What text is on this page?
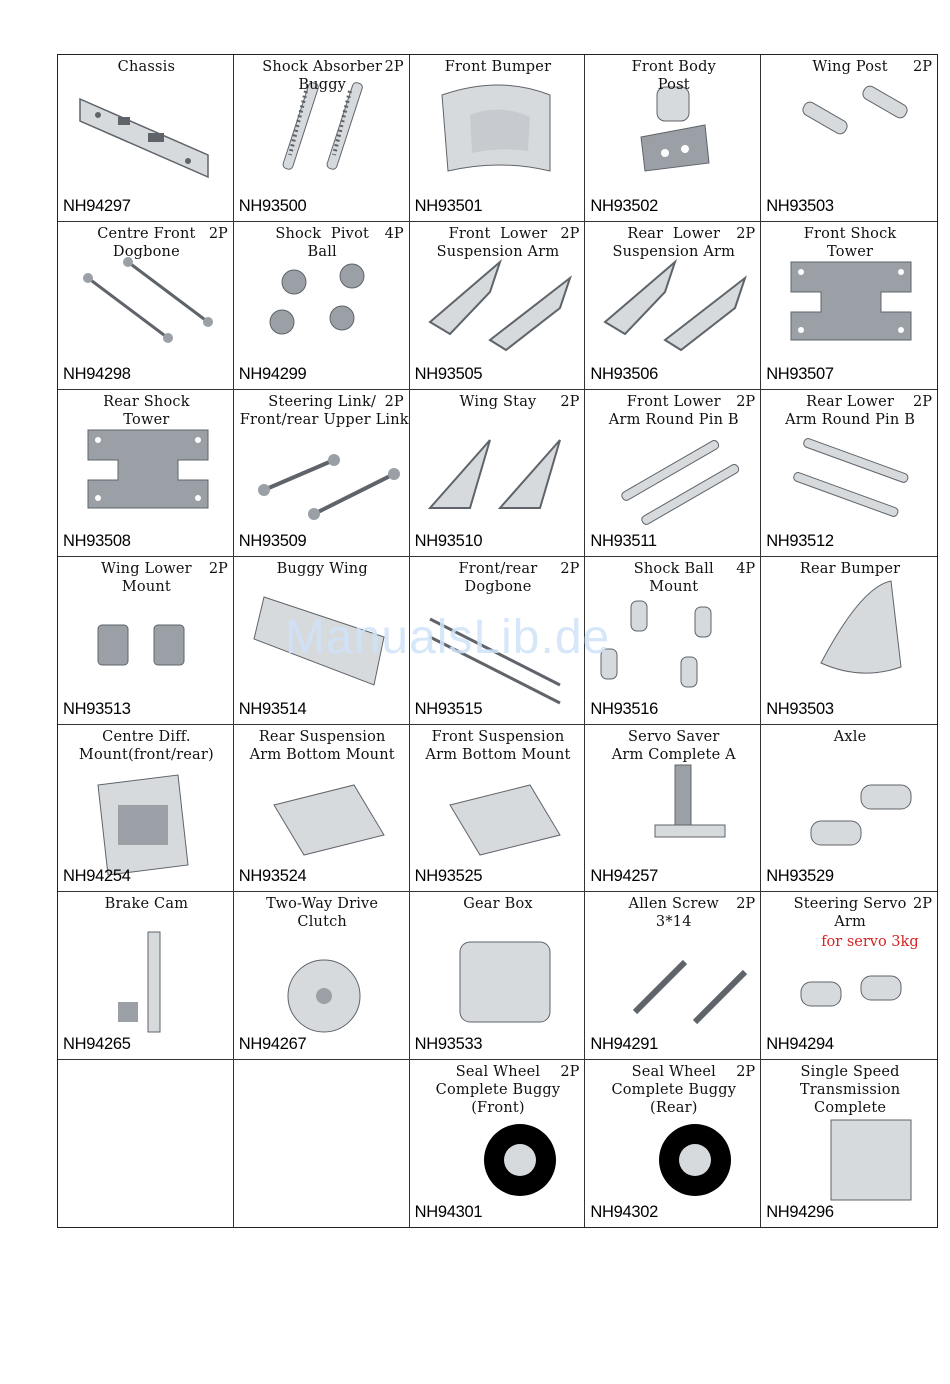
Chassis
NH94297
Shock Absorber
Buggy
2P
NH93500
Front Bumper
NH93501
Front Body
Post
NH93502
Wing Post	2P
NH93503
Centre Front
Dogbone
2P
NH94298
Shock  Pivot
Ball
4P
NH94299
Front  Lower
Suspension Arm
2P
NH93505
Rear  Lower
Suspension Arm
2P
NH93506
Front Shock
Tower
NH93507
Rear Shock
Tower
NH93508
Steering Link/
Front/rear Upper Link
2P
NH93509
Wing Stay	2P
NH93510
Front Lower
Arm Round Pin B
2P
NH93511
Rear Lower
Arm Round Pin B
2P
NH93512
Wing Lower
Mount
2P
NH93513
Buggy Wing
NH93514
Front/rear
Dogbone
2P
NH93515
Shock Ball
Mount
4P
NH93516
Rear Bumper
NH93503
Centre Diff.
Mount(front/rear)
NH94254
Rear Suspension
Arm Bottom Mount
NH93524
Front Suspension
Arm Bottom Mount
NH93525
Servo Saver
Arm Complete A
NH94257
Axle
NH93529
Brake Cam
NH94265
Two-Way Drive
Clutch
NH94267
Gear Box
NH93533
Allen Screw
3*14
2P
NH94291
Steering Servo
Arm
2P
for servo 3kg
NH94294
Seal Wheel
Complete Buggy
(Front)
2P
NH94301
Seal Wheel
Complete Buggy
(Rear)
2P
NH94302
Single Speed
Transmission
Complete
NH94296
ManualsLib.de
